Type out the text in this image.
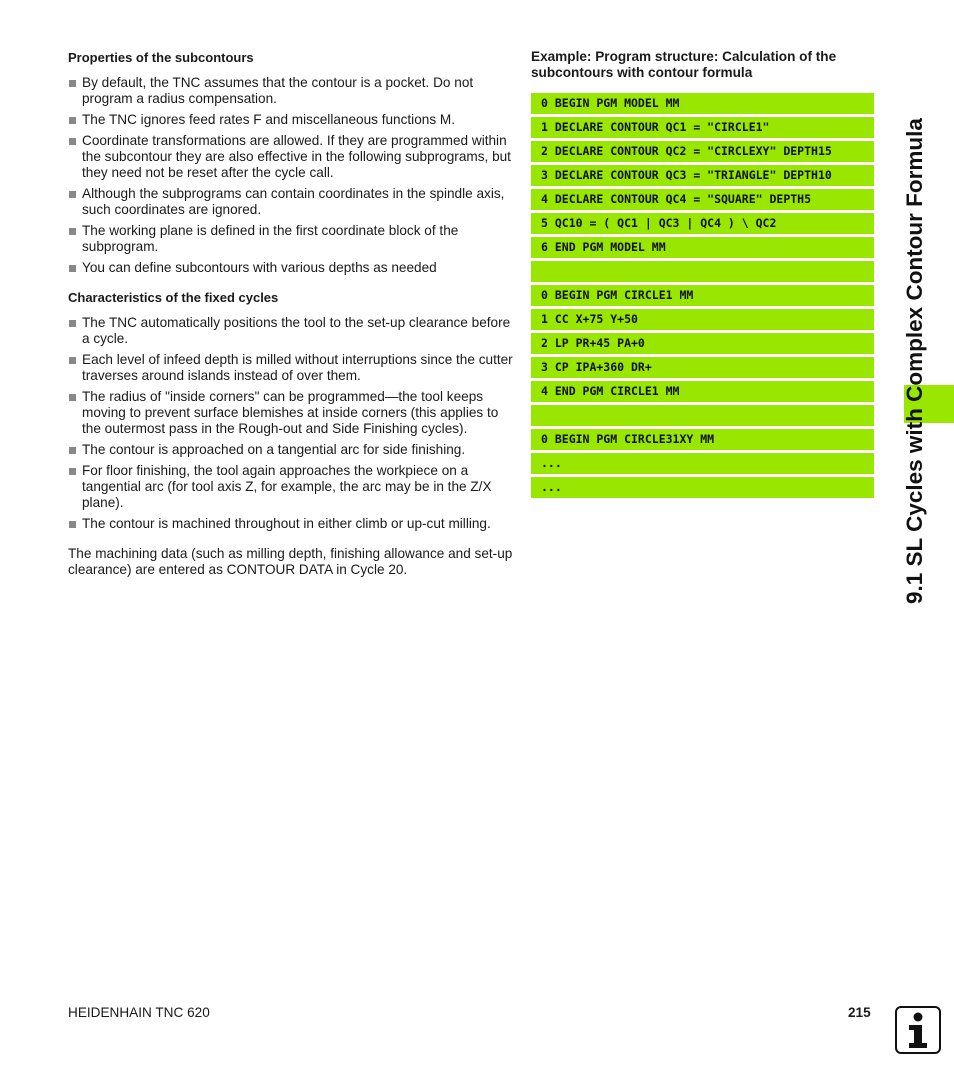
Properties of the subcontours
By default, the TNC assumes that the contour is a pocket. Do not program a radius compensation.
The TNC ignores feed rates F and miscellaneous functions M.
Coordinate transformations are allowed. If they are programmed within the subcontour they are also effective in the following subprograms, but they need not be reset after the cycle call.
Although the subprograms can contain coordinates in the spindle axis, such coordinates are ignored.
The working plane is defined in the first coordinate block of the subprogram.
You can define subcontours with various depths as needed
Characteristics of the fixed cycles
The TNC automatically positions the tool to the set-up clearance before a cycle.
Each level of infeed depth is milled without interruptions since the cutter traverses around islands instead of over them.
The radius of "inside corners" can be programmed—the tool keeps moving to prevent surface blemishes at inside corners (this applies to the outermost pass in the Rough-out and Side Finishing cycles).
The contour is approached on a tangential arc for side finishing.
For floor finishing, the tool again approaches the workpiece on a tangential arc (for tool axis Z, for example, the arc may be in the Z/X plane).
The contour is machined throughout in either climb or up-cut milling.
The machining data (such as milling depth, finishing allowance and set-up clearance) are entered as CONTOUR DATA in Cycle 20.
Example: Program structure: Calculation of the subcontours with contour formula
0 BEGIN PGM MODEL MM
1 DECLARE CONTOUR QC1 = "CIRCLE1"
2 DECLARE CONTOUR QC2 = "CIRCLEXY" DEPTH15
3 DECLARE CONTOUR QC3 = "TRIANGLE" DEPTH10
4 DECLARE CONTOUR QC4 = "SQUARE" DEPTH5
5 QC10 = ( QC1 | QC3 | QC4 ) \ QC2
6 END PGM MODEL MM
0 BEGIN PGM CIRCLE1 MM
1 CC X+75 Y+50
2 LP PR+45 PA+0
3 CP IPA+360 DR+
4 END PGM CIRCLE1 MM
0 BEGIN PGM CIRCLE31XY MM
...
...	9.1 SL Cycles with Complex Contour Formula
HEIDENHAIN TNC 620	215
